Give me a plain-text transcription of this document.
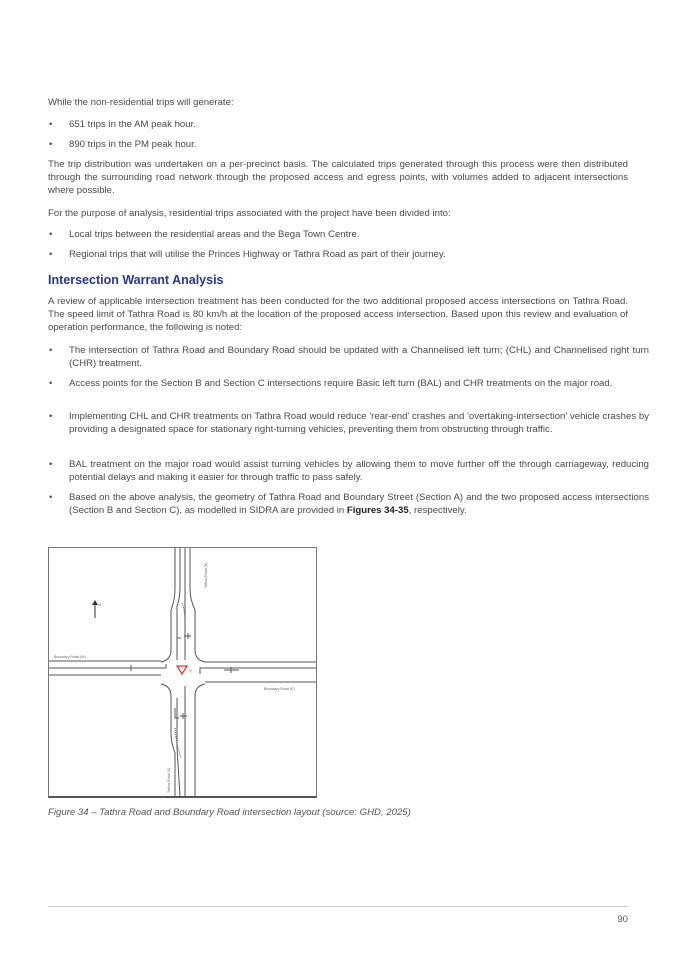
While the non-residential trips will generate:

• 651 trips in the AM peak hour.
• 890 trips in the PM peak hour.

The trip distribution was undertaken on a per-precinct basis. The calculated trips generated through this process were then distributed through the surrounding road network through the proposed access and egress points, with volumes added to adjacent intersections where possible.

For the purpose of analysis, residential trips associated with the project have been divided into:

• Local trips between the residential areas and the Bega Town Centre.
• Regional trips that will utilise the Princes Highway or Tathra Road as part of their journey.
Intersection Warrant Analysis

A review of applicable intersection treatment has been conducted for the two additional proposed access intersections on Tathra Road. The speed limit of Tathra Road is 80 km/h at the location of the proposed access intersection. Based upon this review and evaluation of operation performance, the following is noted:

• The intersection of Tathra Road and Boundary Road should be updated with a Channelised left turn; (CHL) and Channelised right turn (CHR) treatment.
• Access points for the Section B and Section C intersections require Basic left turn (BAL) and CHR treatments on the major road.
• Implementing CHL and CHR treatments on Tathra Road would reduce 'rear-end' crashes and 'overtaking-intersection' vehicle crashes by providing a designated space for stationary right-turning vehicles, preventing them from obstructing through traffic.
• BAL treatment on the major road would assist turning vehicles by allowing them to move further off the through carriageway, reducing potential delays and making it easier for through traffic to pass safely.
• Based on the above analysis, the geometry of Tathra Road and Boundary Street (Section A) and the two proposed access intersections (Section B and Section C), as modelled in SIDRA are provided in Figures 34-35, respectively.
Figure 34 – Tathra Road and Boundary Road intersection layout (source: GHD, 2025)
N
?
Boundary Road (W)
Boundary Road (E)
Tathra Road (N)
Tathra Road (S)
90
